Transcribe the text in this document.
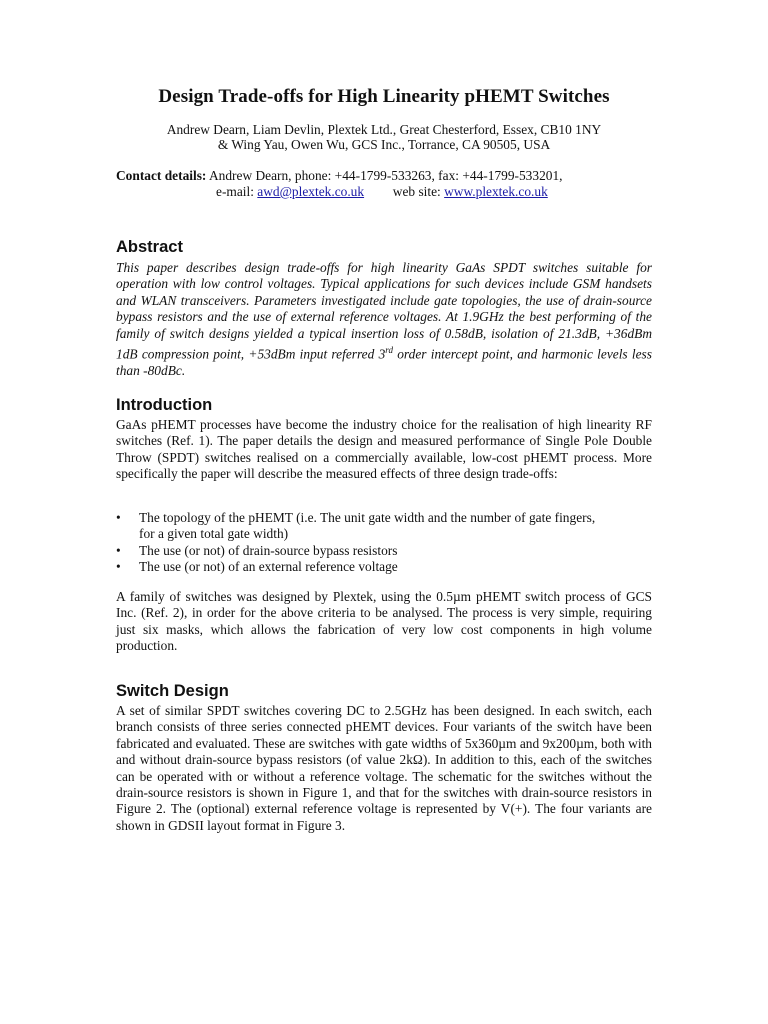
Design Trade-offs for High Linearity pHEMT Switches
Andrew Dearn, Liam Devlin, Plextek Ltd., Great Chesterford, Essex, CB10 1NY
& Wing Yau, Owen Wu, GCS Inc., Torrance, CA 90505, USA
Contact details: Andrew Dearn, phone: +44-1799-533263, fax: +44-1799-533201,
e-mail: awd@plextek.co.uk web site: www.plextek.co.uk
Abstract
This paper describes design trade-offs for high linearity GaAs SPDT switches suitable for operation with low control voltages. Typical applications for such devices include GSM handsets and WLAN transceivers. Parameters investigated include gate topologies, the use of drain-source bypass resistors and the use of external reference voltages. At 1.9GHz the best performing of the family of switch designs yielded a typical insertion loss of 0.58dB, isolation of 21.3dB, +36dBm 1dB compression point, +53dBm input referred 3rd order intercept point, and harmonic levels less than -80dBc.
Introduction
GaAs pHEMT processes have become the industry choice for the realisation of high linearity RF switches (Ref. 1). The paper details the design and measured performance of Single Pole Double Throw (SPDT) switches realised on a commercially available, low-cost pHEMT process. More specifically the paper will describe the measured effects of three design trade-offs:
• The topology of the pHEMT (i.e. The unit gate width and the number of gate fingers,
for a given total gate width)
• The use (or not) of drain-source bypass resistors
• The use (or not) of an external reference voltage
A family of switches was designed by Plextek, using the 0.5µm pHEMT switch process of GCS Inc. (Ref. 2), in order for the above criteria to be analysed. The process is very simple, requiring just six masks, which allows the fabrication of very low cost components in high volume production.
Switch Design
A set of similar SPDT switches covering DC to 2.5GHz has been designed. In each switch, each branch consists of three series connected pHEMT devices. Four variants of the switch have been fabricated and evaluated. These are switches with gate widths of 5x360µm and 9x200µm, both with and without drain-source bypass resistors (of value 2kΩ). In addition to this, each of the switches can be operated with or without a reference voltage. The schematic for the switches without the drain-source resistors is shown in Figure 1, and that for the switches with drain-source resistors in Figure 2. The (optional) external reference voltage is represented by V(+). The four variants are shown in GDSII layout format in Figure 3.
